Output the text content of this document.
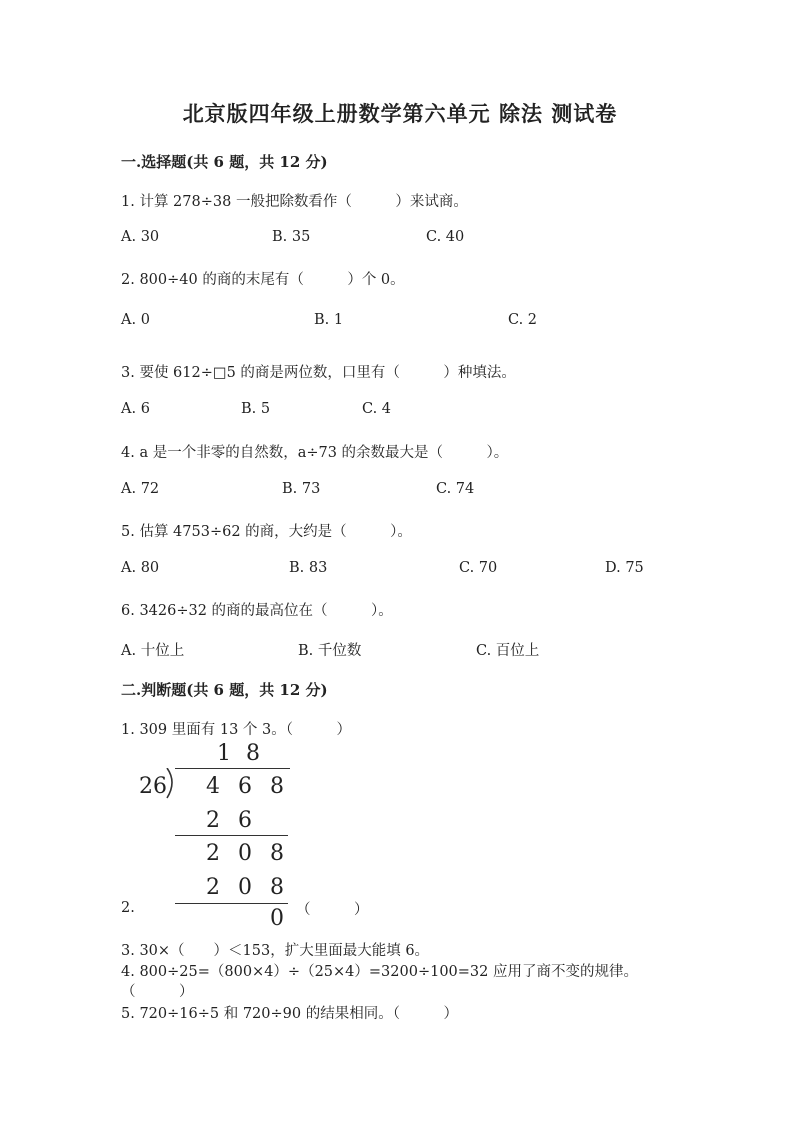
北京版四年级上册数学第六单元 除法 测试卷
一.选择题(共 6 题，共 12 分)
1. 计算 278÷38 一般把除数看作（　　　）来试商。
A. 30	B. 35	C. 40
2. 800÷40 的商的末尾有（　　　）个 0。
A. 0	B. 1	C. 2
3. 要使 612÷□5 的商是两位数，口里有（　　　）种填法。
A. 6	B. 5	C. 4
4. a 是一个非零的自然数，a÷73 的余数最大是（　　　）。
A. 72	B. 73	C. 74
5. 估算 4753÷62 的商，大约是（　　　）。
A. 80	B. 83	C. 70	D. 75
6. 3426÷32 的商的最高位在（　　　）。
A. 十位上	B. 千位数	C. 百位上
二.判断题(共 6 题，共 12 分)
1. 309 里面有 13 个 3。（　　　）
1 8
26 4 6 8
2 6
2 0 8
2 0 8
0
2.	（　　　）
3. 30×（　　）＜153，扩大里面最大能填 6。
4. 800÷25=（800×4）÷（25×4）=3200÷100=32 应用了商不变的规律。
（　　　）
5. 720÷16÷5 和 720÷90 的结果相同。（　　　）
